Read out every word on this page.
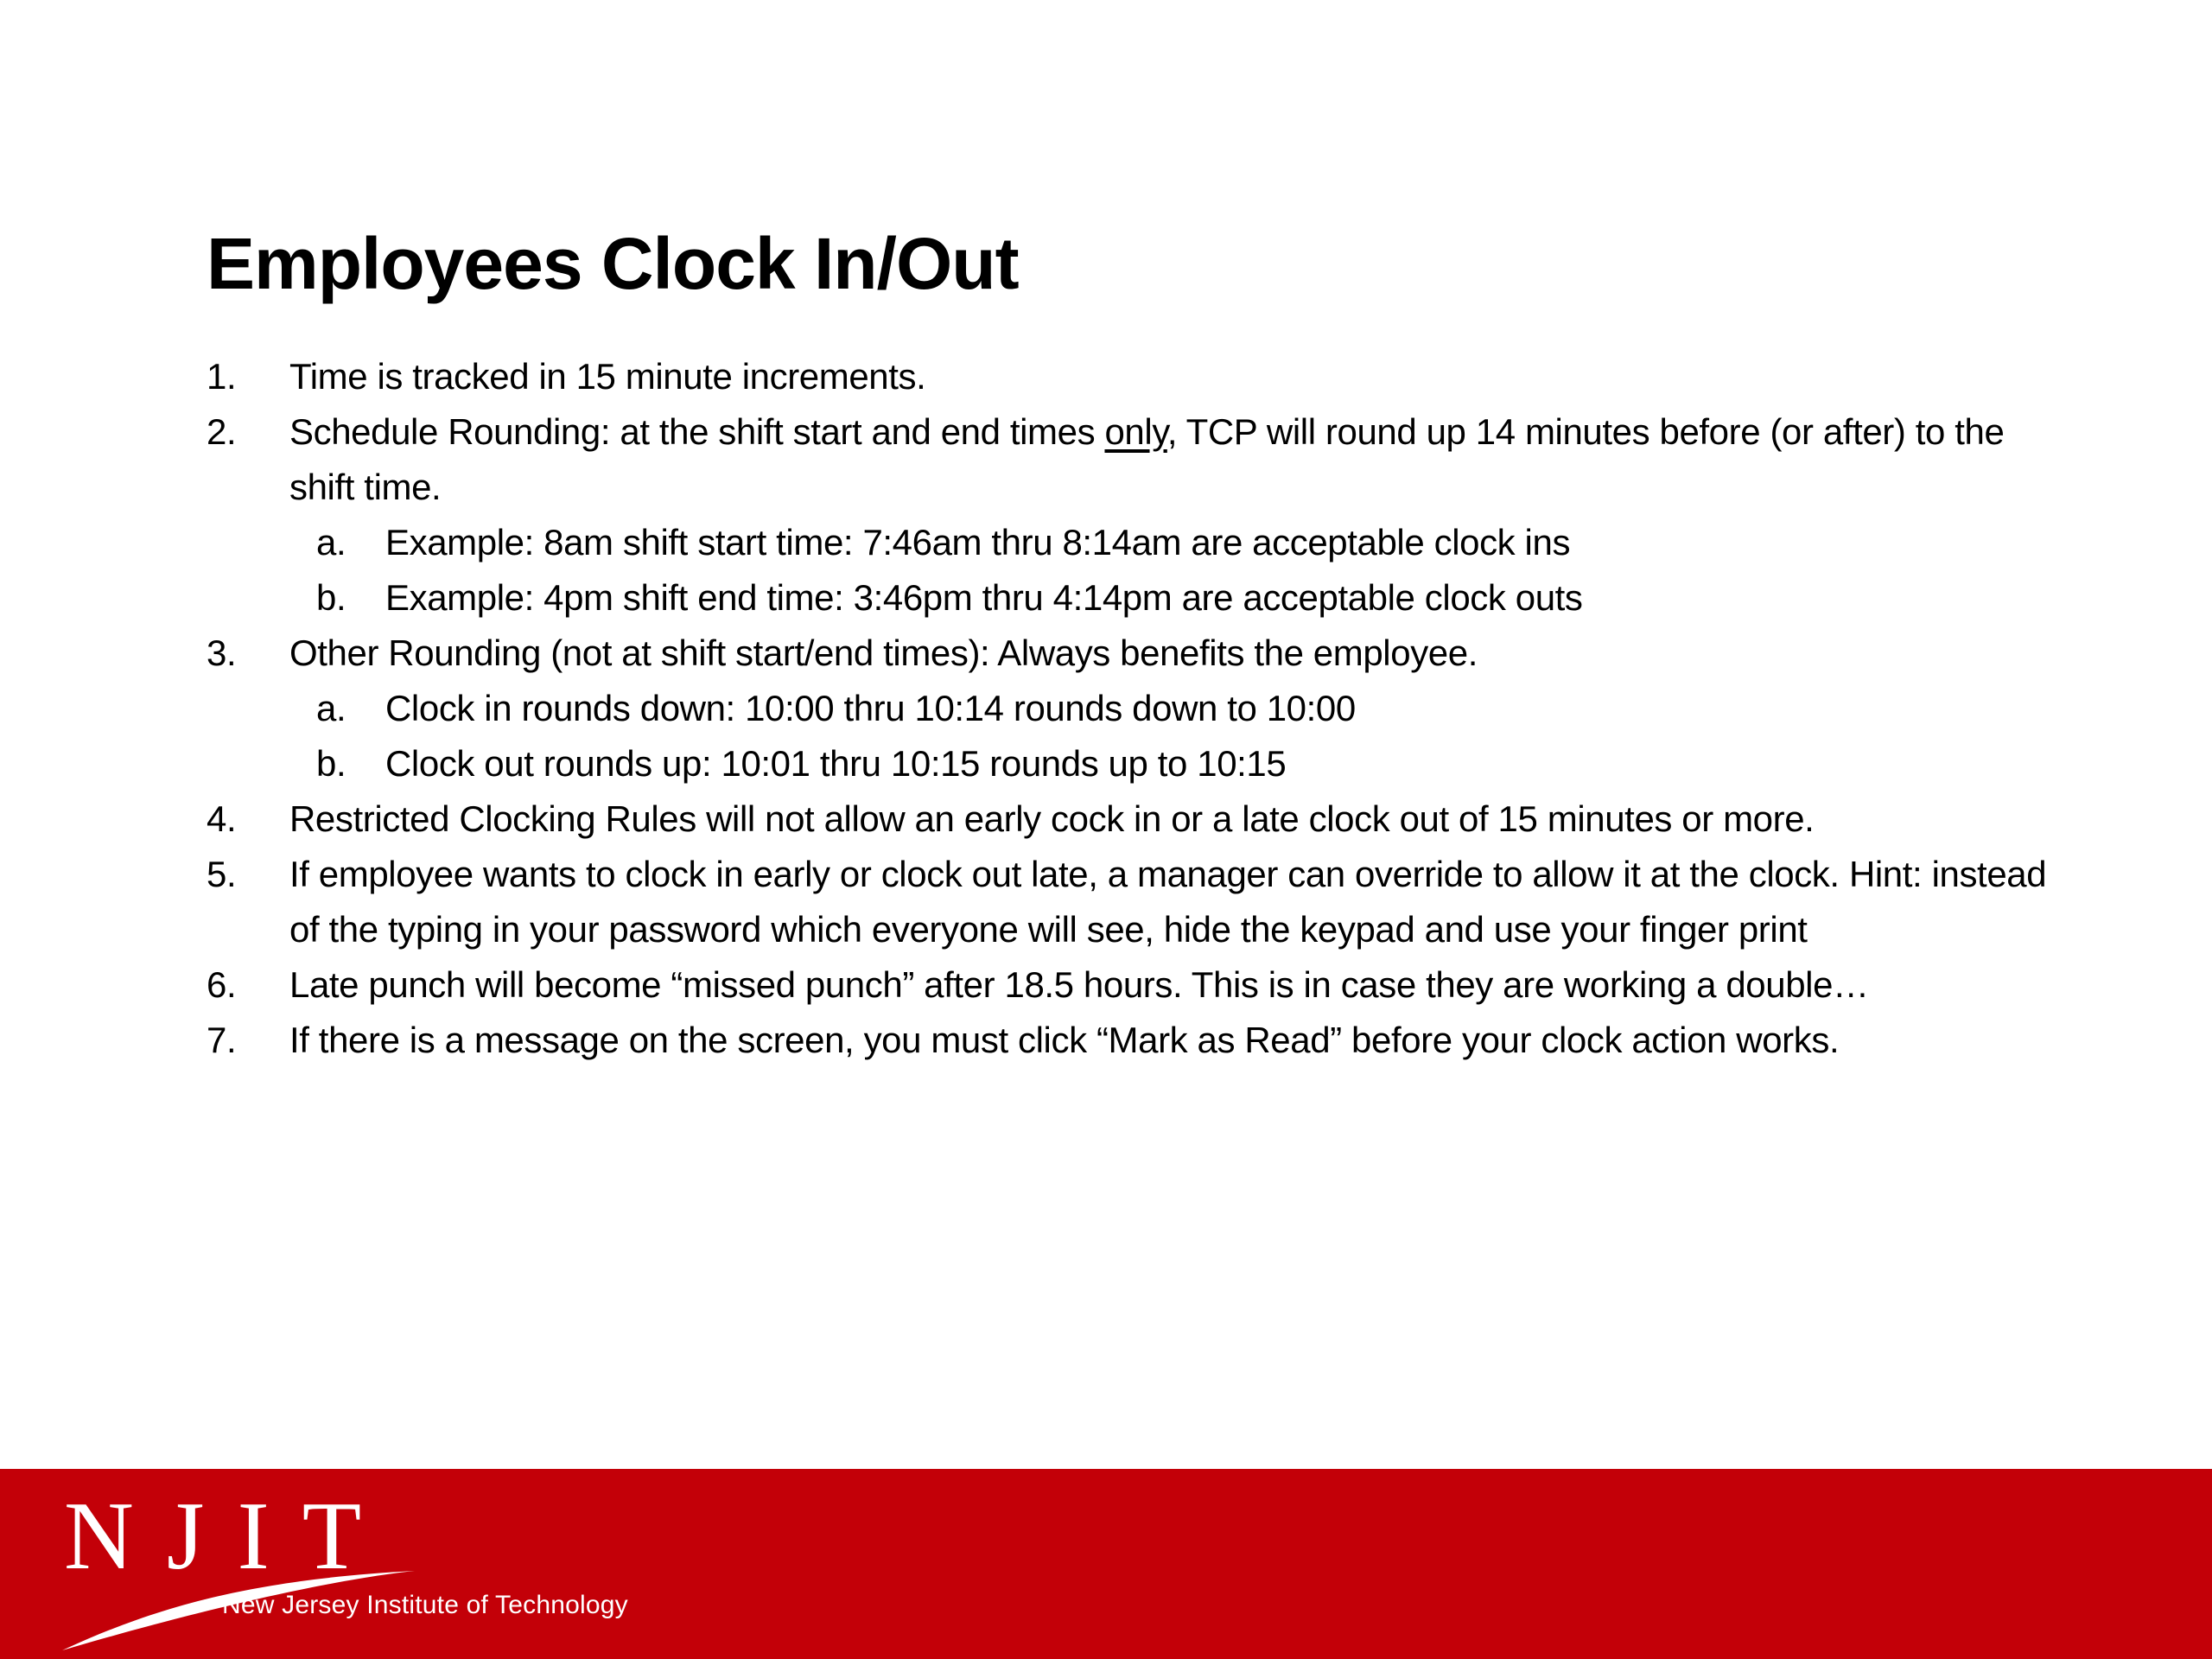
Employees Clock In/Out
1.	Time is tracked in 15 minute increments.
2.	Schedule Rounding: at the shift start and end times only, TCP will round up 14 minutes before (or after) to the shift time.
a.	Example: 8am shift start time: 7:46am thru 8:14am are acceptable clock ins
b.	Example: 4pm shift end time: 3:46pm thru 4:14pm are acceptable clock outs
3.	Other Rounding (not at shift start/end times): Always benefits the employee.
a.	Clock in rounds down: 10:00 thru 10:14 rounds down to 10:00
b.	Clock out rounds up: 10:01 thru 10:15 rounds up to 10:15
4.	Restricted Clocking Rules will not allow an early cock in or a late clock out of 15 minutes or more.
5.	If employee wants to clock in early or clock out late, a manager can override to allow it at the clock. Hint: instead of the typing in your password which everyone will see, hide the keypad and use your finger print
6.	Late punch will become “missed punch” after 18.5 hours. This is in case they are working a double…
7.	If there is a message on the screen, you must click “Mark as Read” before your clock action works.
NJIT
New Jersey Institute of Technology
